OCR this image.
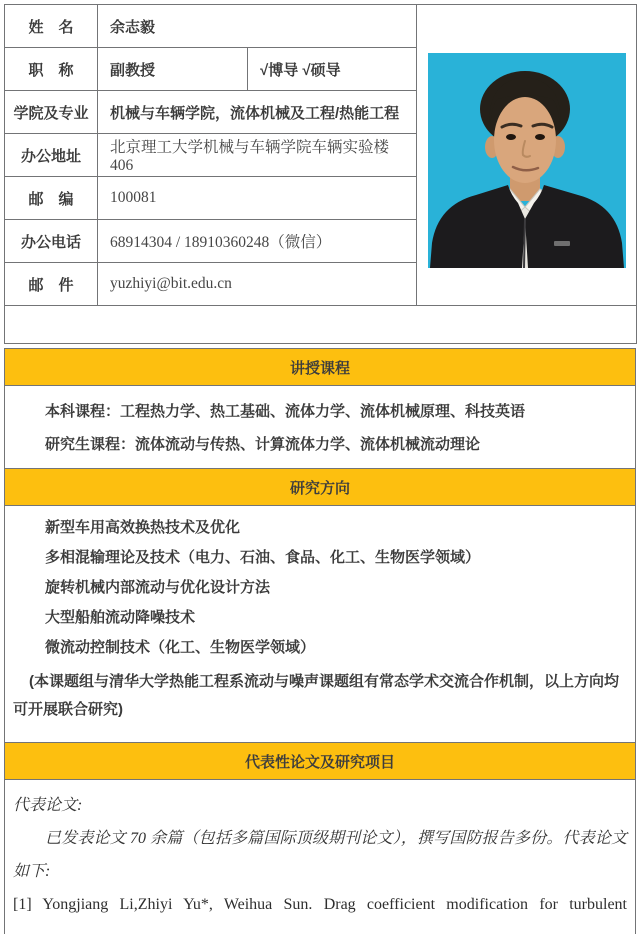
姓　名	余志毅	
职　称	副教授	√博导 √硕导	
学院及专业	机械与车辆学院，流体机械及工程/热能工程		
办公地址	北京理工大学机械与车辆学院车辆实验楼 406		
邮　编	100081		
办公电话	68914304 / 18910360248（微信）		
邮　件	yuzhiyi@bit.edu.cn		

讲授课程

本科课程：工程热力学、热工基础、流体力学、流体机械原理、科技英语

研究生课程：流体流动与传热、计算流体力学、流体机械流动理论

研究方向

新型车用高效换热技术及优化

多相混输理论及技术（电力、石油、食品、化工、生物医学领域）

旋转机械内部流动与优化设计方法

大型船舶流动降噪技术

微流动控制技术（化工、生物医学领域）

(本课题组与清华大学热能工程系流动与噪声课题组有常态学术交流合作机制，以上方向均可开展联合研究)

代表性论文及研究项目

代表论文:

已发表论文 70 余篇（包括多篇国际顶级期刊论文），撰写国防报告多份。代表论文如下:

[1] Yongjiang Li,Zhiyi Yu*, Weihua Sun. Drag coefficient modification for turbulent
